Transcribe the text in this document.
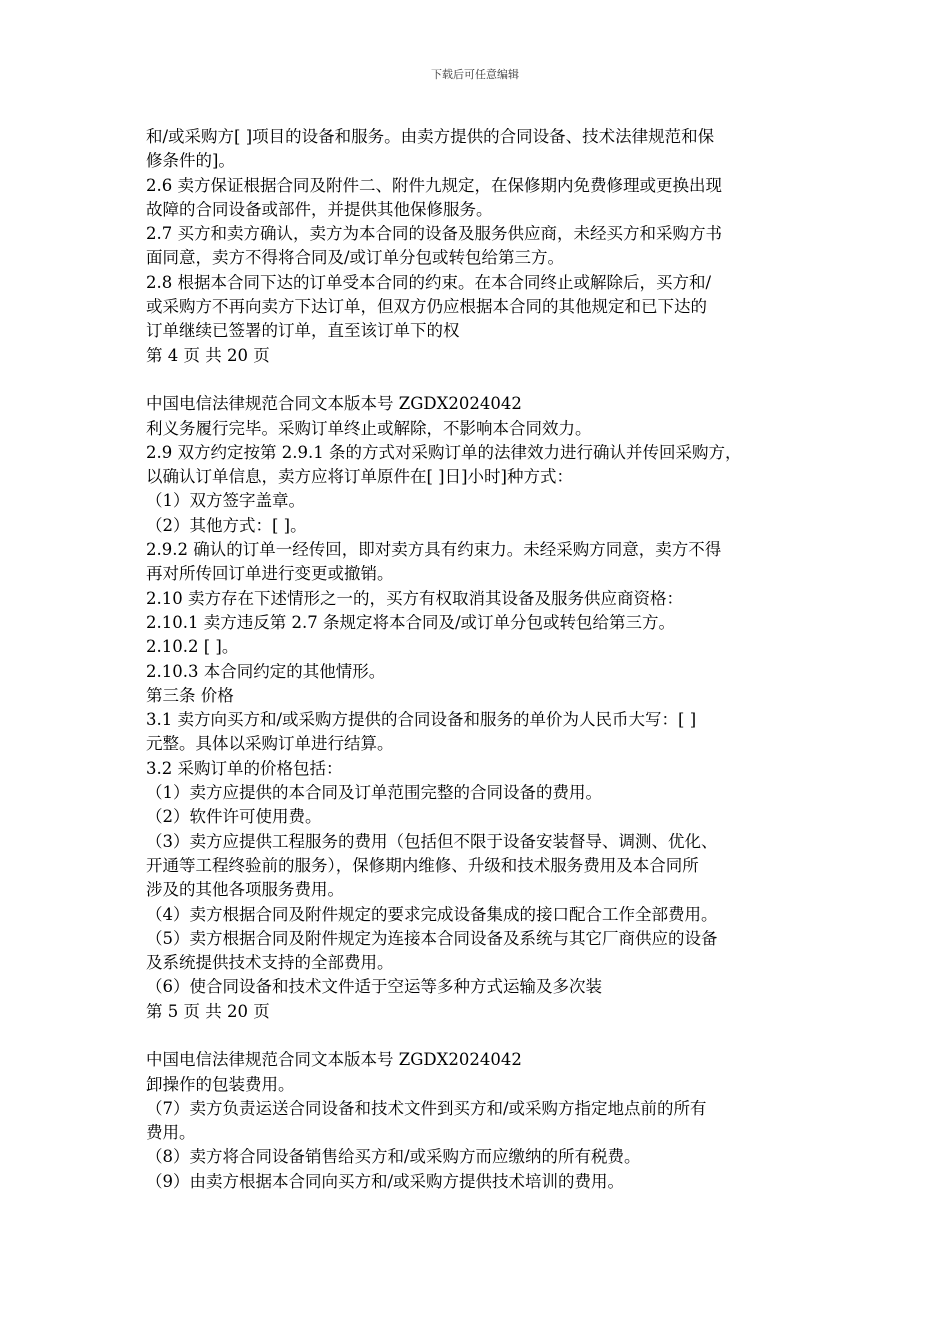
下载后可任意编辑
和/或采购方[ ]项目的设备和服务。由卖方提供的合同设备、技术法律规范和保
修条件的]。
2.6 卖方保证根据合同及附件二、附件九规定，在保修期内免费修理或更换出现
故障的合同设备或部件，并提供其他保修服务。
2.7 买方和卖方确认，卖方为本合同的设备及服务供应商，未经买方和采购方书
面同意，卖方不得将合同及/或订单分包或转包给第三方。
2.8 根据本合同下达的订单受本合同的约束。在本合同终止或解除后，买方和/
或采购方不再向卖方下达订单，但双方仍应根据本合同的其他规定和已下达的
订单继续已签署的订单，直至该订单下的权
第 4 页 共 20 页
中国电信法律规范合同文本版本号 ZGDX2024042
利义务履行完毕。采购订单终止或解除，不影响本合同效力。
2.9 双方约定按第 2.9.1 条的方式对采购订单的法律效力进行确认并传回采购方，
以确认订单信息，卖方应将订单原件在[ ]日]小时]种方式：
（1）双方签字盖章。
（2）其他方式：[ ]。
2.9.2 确认的订单一经传回，即对卖方具有约束力。未经采购方同意，卖方不得
再对所传回订单进行变更或撤销。
2.10 卖方存在下述情形之一的，买方有权取消其设备及服务供应商资格：
2.10.1 卖方违反第 2.7 条规定将本合同及/或订单分包或转包给第三方。
2.10.2 [ ]。
2.10.3 本合同约定的其他情形。
第三条 价格
3.1 卖方向买方和/或采购方提供的合同设备和服务的单价为人民币大写：[ ]
元整。具体以采购订单进行结算。
3.2 采购订单的价格包括：
（1）卖方应提供的本合同及订单范围完整的合同设备的费用。
（2）软件许可使用费。
（3）卖方应提供工程服务的费用（包括但不限于设备安装督导、调测、优化、
开通等工程终验前的服务），保修期内维修、升级和技术服务费用及本合同所
涉及的其他各项服务费用。
（4）卖方根据合同及附件规定的要求完成设备集成的接口配合工作全部费用。
（5）卖方根据合同及附件规定为连接本合同设备及系统与其它厂商供应的设备
及系统提供技术支持的全部费用。
（6）使合同设备和技术文件适于空运等多种方式运输及多次装
第 5 页 共 20 页
中国电信法律规范合同文本版本号 ZGDX2024042
卸操作的包装费用。
（7）卖方负责运送合同设备和技术文件到买方和/或采购方指定地点前的所有
费用。
（8）卖方将合同设备销售给买方和/或采购方而应缴纳的所有税费。
（9）由卖方根据本合同向买方和/或采购方提供技术培训的费用。
